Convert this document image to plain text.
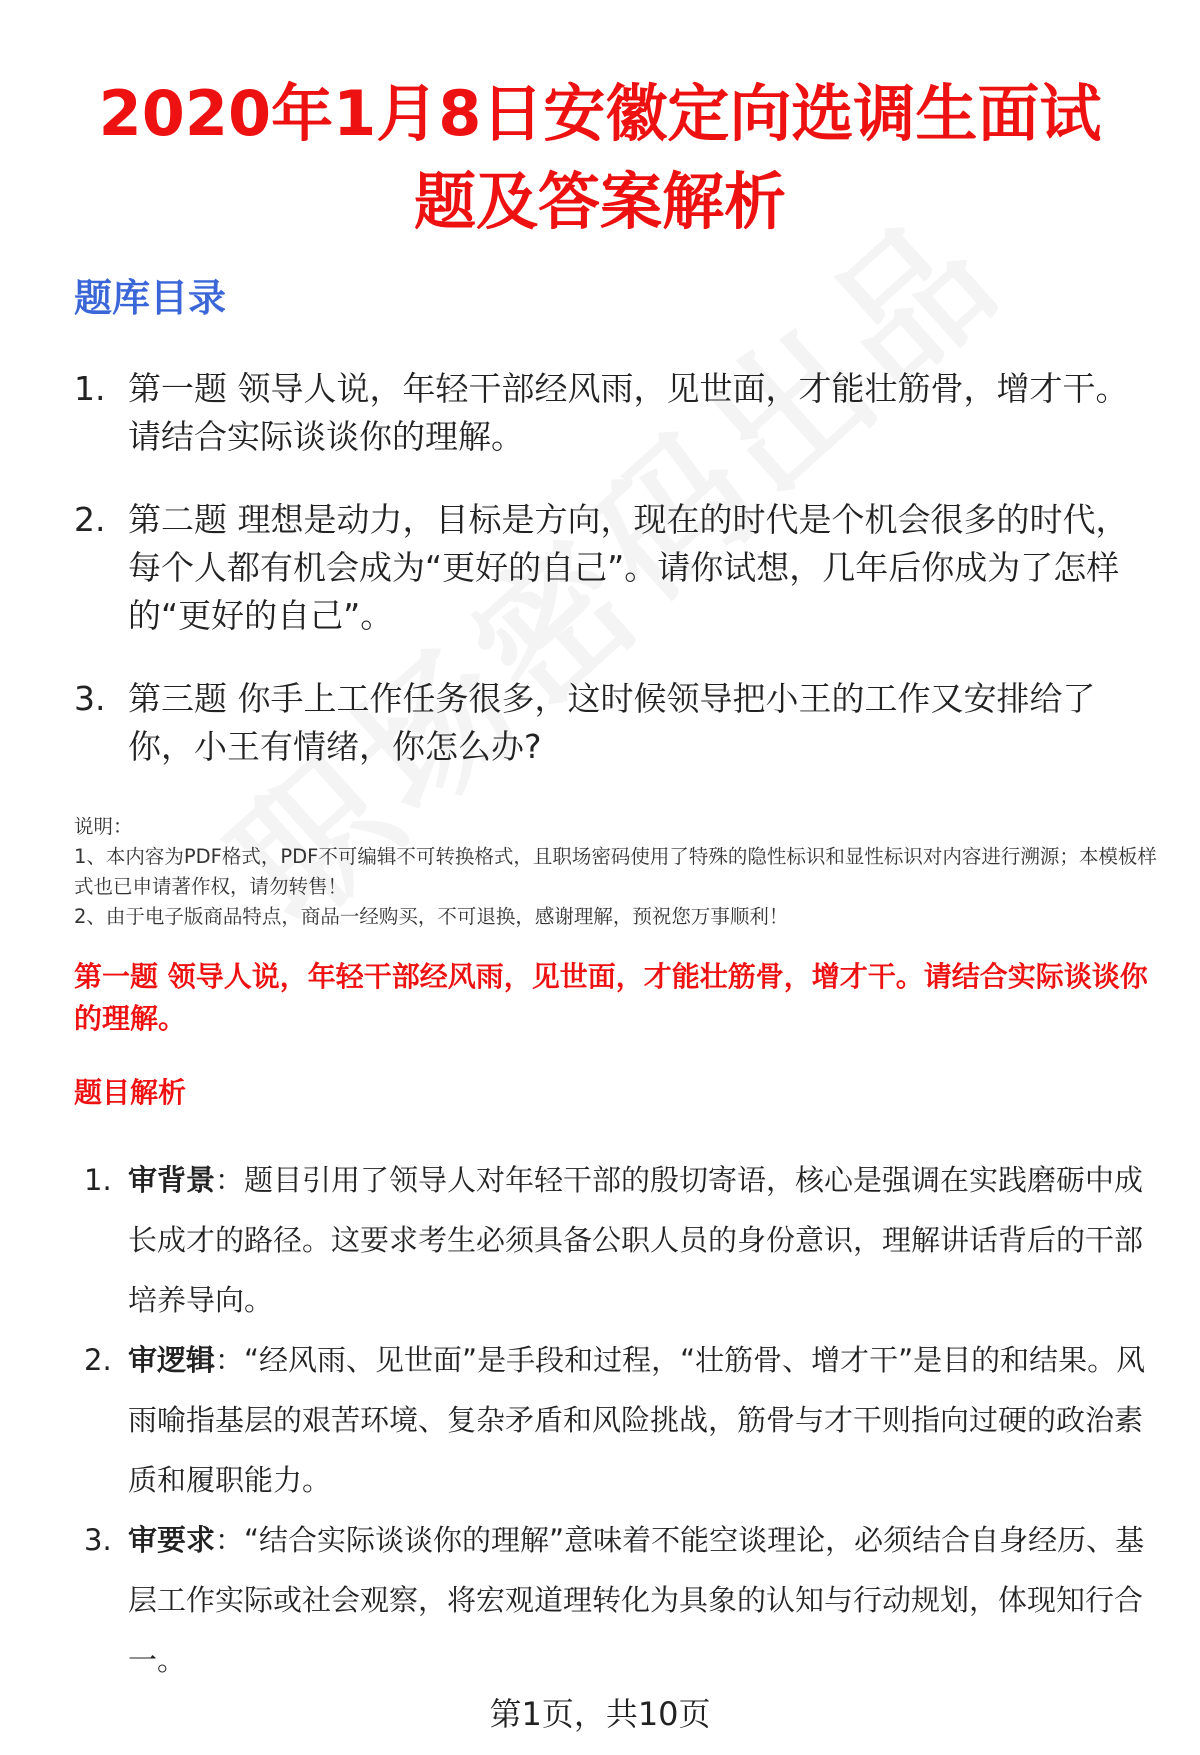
2020年1月8日安徽定向选调生面试
题及答案解析
题库目录
1. 第一题 领导人说，年轻干部经风雨，见世面，才能壮筋骨，增才干。请结合实际谈谈你的理解。
2. 第二题 理想是动力，目标是方向，现在的时代是个机会很多的时代，每个人都有机会成为“更好的自己”。请你试想，几年后你成为了怎样的“更好的自己”。
3. 第三题 你手上工作任务很多，这时候领导把小王的工作又安排给了你，小王有情绪，你怎么办?
说明：
1、本内容为PDF格式，PDF不可编辑不可转换格式，且职场密码使用了特殊的隐性标识和显性标识对内容进行溯源；本模板样式也已申请著作权，请勿转售！
2、由于电子版商品特点，商品一经购买，不可退换，感谢理解，预祝您万事顺利！
第一题 领导人说，年轻干部经风雨，见世面，才能壮筋骨，增才干。请结合实际谈谈你的理解。
题目解析
1. 审背景：题目引用了领导人对年轻干部的殷切寄语，核心是强调在实践磨砺中成长成才的路径。这要求考生必须具备公职人员的身份意识，理解讲话背后的干部培养导向。
2. 审逻辑：“经风雨、见世面”是手段和过程，“壮筋骨、增才干”是目的和结果。风雨喻指基层的艰苦环境、复杂矛盾和风险挑战，筋骨与才干则指向过硬的政治素质和履职能力。
3. 审要求：“结合实际谈谈你的理解”意味着不能空谈理论，必须结合自身经历、基层工作实际或社会观察，将宏观道理转化为具象的认知与行动规划，体现知行合一。
第1页，共10页
